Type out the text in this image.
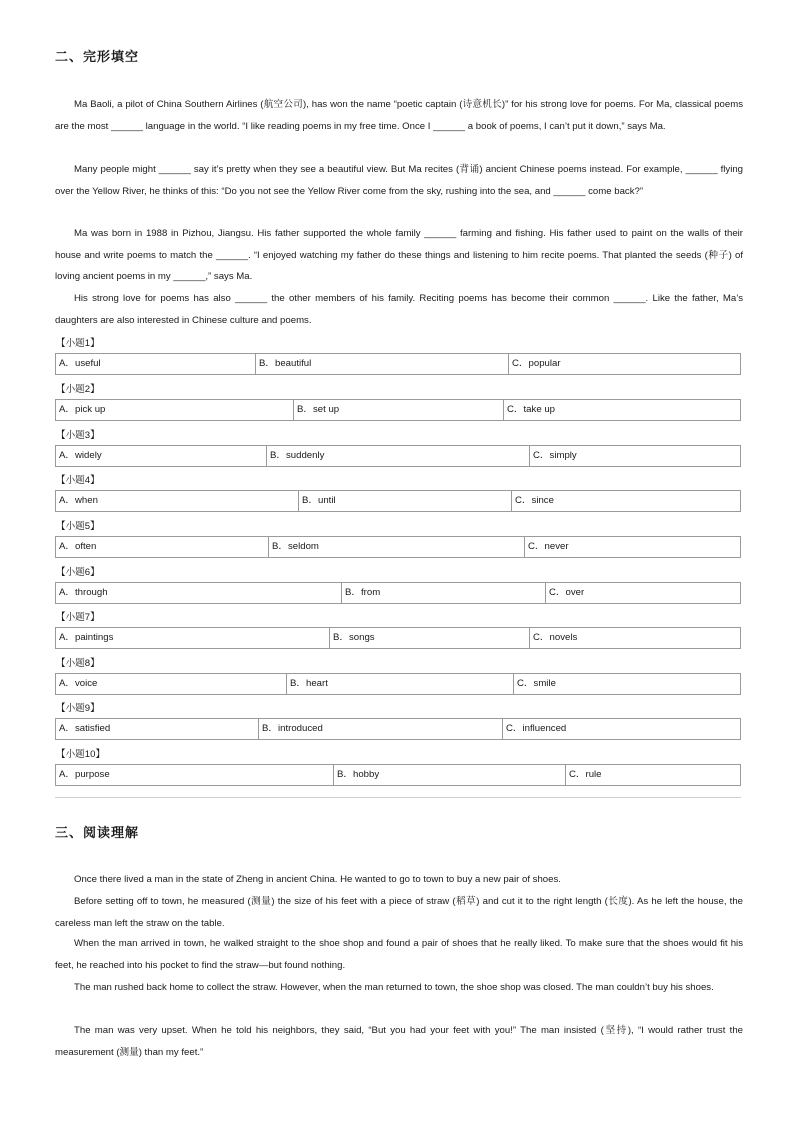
二、完形填空

Ma Baoli, a pilot of China Southern Airlines (航空公司), has won the name “poetic captain (诗意机长)” for his strong love for poems. For Ma, classical poems are the most ______ language in the world. “I like reading poems in my free time. Once I ______ a book of poems, I can’t put it down,” says Ma.

Many people might ______ say it’s pretty when they see a beautiful view. But Ma recites (背诵) ancient Chinese poems instead. For example, ______ flying over the Yellow River, he thinks of this: “Do you not see the Yellow River come from the sky, rushing into the sea, and ______ come back?”

Ma was born in 1988 in Pizhou, Jiangsu. His father supported the whole family ______ farming and fishing. His father used to paint on the walls of their house and write poems to match the ______. “I enjoyed watching my father do these things and listening to him recite poems. That planted the seeds (种子) of loving ancient poems in my ______,” says Ma.

His strong love for poems has also ______ the other members of his family. Reciting poems has become their common ______. Like the father, Ma’s daughters are also interested in Chinese culture and poems.

【小题1】
A．useful	B．beautiful	C．popular
【小题2】
A．pick up	B．set up	C．take up
【小题3】
A．widely	B．suddenly	C．simply
【小题4】
A．when	B．until	C．since
【小题5】
A．often	B．seldom	C．never
【小题6】
A．through	B．from	C．over
【小题7】
A．paintings	B．songs	C．novels
【小题8】
A．voice	B．heart	C．smile
【小题9】
A．satisfied	B．introduced	C．influenced
【小题10】
A．purpose	B．hobby	C．rule
三、阅读理解

Once there lived a man in the state of Zheng in ancient China. He wanted to go to town to buy a new pair of shoes.

Before setting off to town, he measured (测量) the size of his feet with a piece of straw (稻草) and cut it to the right length (长度). As he left the house, the careless man left the straw on the table.

When the man arrived in town, he walked straight to the shoe shop and found a pair of shoes that he really liked. To make sure that the shoes would fit his feet, he reached into his pocket to find the straw—but found nothing.

The man rushed back home to collect the straw. However, when the man returned to town, the shoe shop was closed. The man couldn’t buy his shoes.

The man was very upset. When he told his neighbors, they said, “But you had your feet with you!” The man insisted (坚持), “I would rather trust the measurement (测量) than my feet.”
